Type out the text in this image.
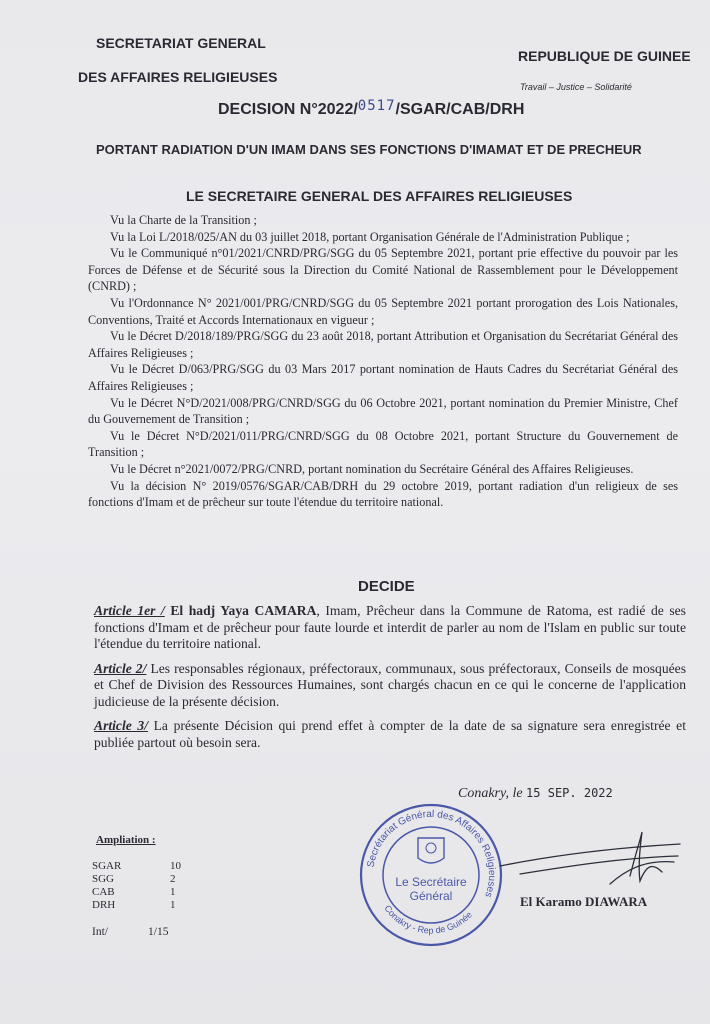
SECRETARIAT GENERAL
DES AFFAIRES RELIGIEUSES
REPUBLIQUE DE GUINEE
Travail – Justice – Solidarité
DECISION N°2022/0517/SGAR/CAB/DRH
PORTANT RADIATION D'UN IMAM DANS SES FONCTIONS D'IMAMAT ET DE PRECHEUR
LE SECRETAIRE GENERAL DES AFFAIRES RELIGIEUSES

Vu la Charte de la Transition ;

Vu la Loi L/2018/025/AN du 03 juillet 2018, portant Organisation Générale de l'Administration Publique ;

Vu le Communiqué n°01/2021/CNRD/PRG/SGG du 05 Septembre 2021, portant prie effective du pouvoir par les Forces de Défense et de Sécurité sous la Direction du Comité National de Rassemblement pour le Développement (CNRD) ;

Vu l'Ordonnance N° 2021/001/PRG/CNRD/SGG du 05 Septembre 2021 portant prorogation des Lois Nationales, Conventions, Traité et Accords Internationaux en vigueur ;

Vu le Décret D/2018/189/PRG/SGG du 23 août 2018, portant Attribution et Organisation du Secrétariat Général des Affaires Religieuses ;

Vu le Décret D/063/PRG/SGG du 03 Mars 2017 portant nomination de Hauts Cadres du Secrétariat Général des Affaires Religieuses ;

Vu le Décret N°D/2021/008/PRG/CNRD/SGG du 06 Octobre 2021, portant nomination du Premier Ministre, Chef du Gouvernement de Transition ;

Vu le Décret N°D/2021/011/PRG/CNRD/SGG du 08 Octobre 2021, portant Structure du Gouvernement de Transition ;

Vu le Décret n°2021/0072/PRG/CNRD, portant nomination du Secrétaire Général des Affaires Religieuses.

Vu la décision N° 2019/0576/SGAR/CAB/DRH du 29 octobre 2019, portant radiation d'un religieux de ses fonctions d'Imam et de prêcheur sur toute l'étendue du territoire national.

DECIDE

Article 1er / El hadj Yaya CAMARA, Imam, Prêcheur dans la Commune de Ratoma, est radié de ses fonctions d'Imam et de prêcheur pour faute lourde et interdit de parler au nom de l'Islam en public sur toute l'étendue du territoire national.

Article 2/ Les responsables régionaux, préfectoraux, communaux, sous préfectoraux, Conseils de mosquées et Chef de Division des Ressources Humaines, sont chargés chacun en ce qui le concerne de l'application judicieuse de la présente décision.

Article 3/ La présente Décision qui prend effet à compter de la date de sa signature sera enregistrée et publiée partout où besoin sera.

Conakry, le 15 SEP. 2022
Ampliation :
SGAR	10
SGG	2
CAB	1
DRH	1
Int/	1/15
Secrétariat Général des Affaires Religieuses
Conakry - Rep de Guinée
Le Secrétaire
Général	El Karamo DIAWARA
